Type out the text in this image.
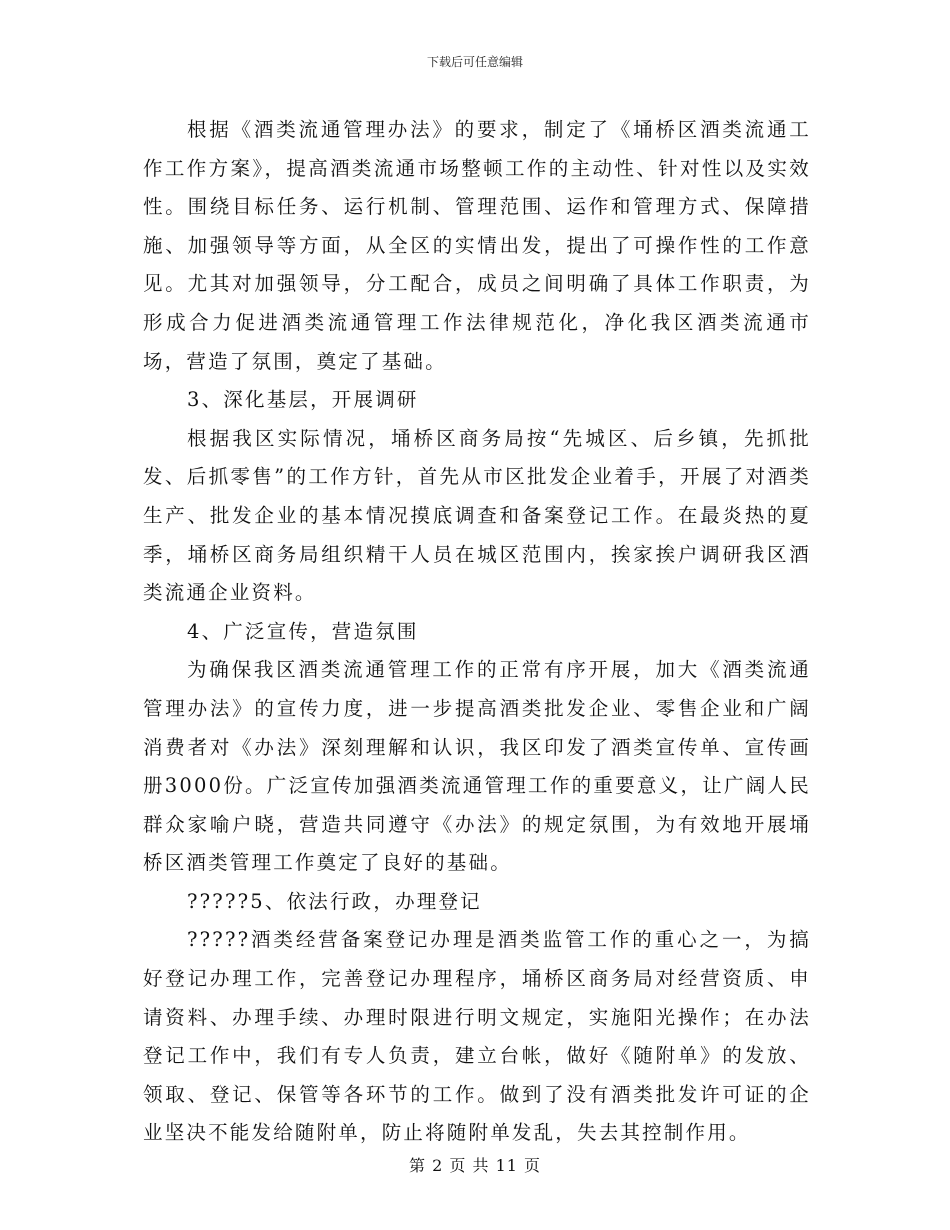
下载后可任意编辑

根据《酒类流通管理办法》的要求，制定了《埇桥区酒类流通工作工作方案》，提高酒类流通市场整顿工作的主动性、针对性以及实效性。围绕目标任务、运行机制、管理范围、运作和管理方式、保障措施、加强领导等方面，从全区的实情出发，提出了可操作性的工作意见。尤其对加强领导，分工配合，成员之间明确了具体工作职责，为形成合力促进酒类流通管理工作法律规范化，净化我区酒类流通市场，营造了氛围，奠定了基础。

3、深化基层，开展调研

根据我区实际情况，埇桥区商务局按“先城区、后乡镇，先抓批发、后抓零售”的工作方针，首先从市区批发企业着手，开展了对酒类生产、批发企业的基本情况摸底调查和备案登记工作。在最炎热的夏季，埇桥区商务局组织精干人员在城区范围内，挨家挨户调研我区酒类流通企业资料。

4、广泛宣传，营造氛围

为确保我区酒类流通管理工作的正常有序开展，加大《酒类流通管理办法》的宣传力度，进一步提高酒类批发企业、零售企业和广阔消费者对《办法》深刻理解和认识，我区印发了酒类宣传单、宣传画册3000份。广泛宣传加强酒类流通管理工作的重要意义，让广阔人民群众家喻户晓，营造共同遵守《办法》的规定氛围，为有效地开展埇桥区酒类管理工作奠定了良好的基础。

?????5、依法行政，办理登记

?????酒类经营备案登记办理是酒类监管工作的重心之一，为搞好登记办理工作，完善登记办理程序，埇桥区商务局对经营资质、申请资料、办理手续、办理时限进行明文规定，实施阳光操作；在办法登记工作中，我们有专人负责，建立台帐，做好《随附单》的发放、领取、登记、保管等各环节的工作。做到了没有酒类批发许可证的企业坚决不能发给随附单，防止将随附单发乱，失去其控制作用。

第 2 页 共 11 页
